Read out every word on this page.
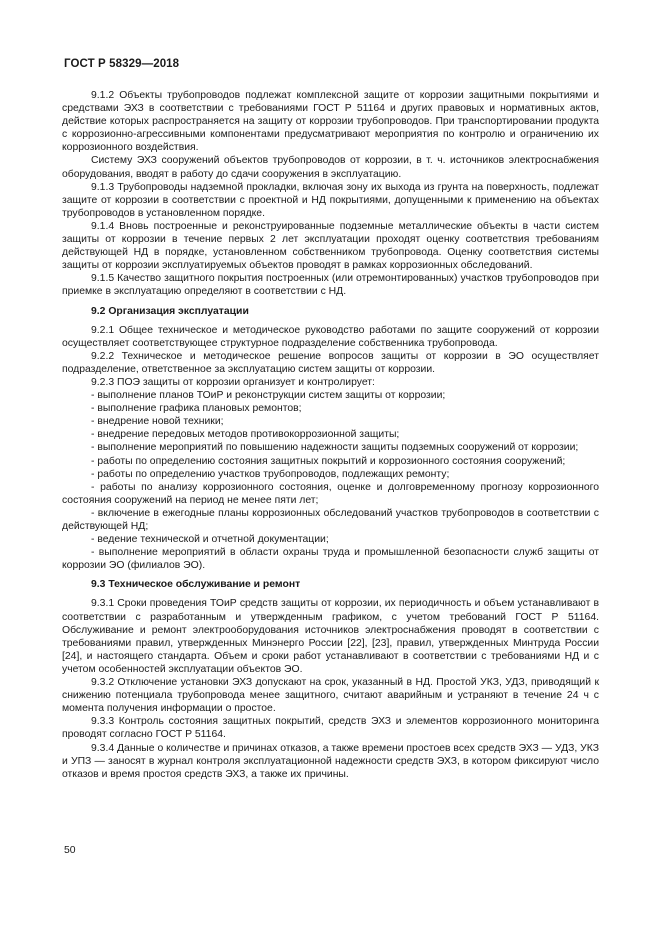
ГОСТ Р 58329—2018

9.1.2 Объекты трубопроводов подлежат комплексной защите от коррозии защитными покрытиями и средствами ЭХЗ в соответствии с требованиями ГОСТ Р 51164 и других правовых и нормативных актов, действие которых распространяется на защиту от коррозии трубопроводов. При транспортировании продукта с коррозионно-агрессивными компонентами предусматривают мероприятия по контролю и ограничению их коррозионного воздействия.

Систему ЭХЗ сооружений объектов трубопроводов от коррозии, в т. ч. источников электроснабжения оборудования, вводят в работу до сдачи сооружения в эксплуатацию.

9.1.3 Трубопроводы надземной прокладки, включая зону их выхода из грунта на поверхность, подлежат защите от коррозии в соответствии с проектной и НД покрытиями, допущенными к применению на объектах трубопроводов в установленном порядке.

9.1.4 Вновь построенные и реконструированные подземные металлические объекты в части систем защиты от коррозии в течение первых 2 лет эксплуатации проходят оценку соответствия требованиям действующей НД в порядке, установленном собственником трубопровода. Оценку соответствия системы защиты от коррозии эксплуатируемых объектов проводят в рамках коррозионных обследований.

9.1.5 Качество защитного покрытия построенных (или отремонтированных) участков трубопроводов при приемке в эксплуатацию определяют в соответствии с НД.

9.2 Организация эксплуатации

9.2.1 Общее техническое и методическое руководство работами по защите сооружений от коррозии осуществляет соответствующее структурное подразделение собственника трубопровода.

9.2.2 Техническое и методическое решение вопросов защиты от коррозии в ЭО осуществляет подразделение, ответственное за эксплуатацию систем защиты от коррозии.

9.2.3 ПОЭ защиты от коррозии организует и контролирует:

- выполнение планов ТОиР и реконструкции систем защиты от коррозии;

- выполнение графика плановых ремонтов;

- внедрение новой техники;

- внедрение передовых методов противокоррозионной защиты;

- выполнение мероприятий по повышению надежности защиты подземных сооружений от коррозии;

- работы по определению состояния защитных покрытий и коррозионного состояния сооружений;

- работы по определению участков трубопроводов, подлежащих ремонту;

- работы по анализу коррозионного состояния, оценке и долговременному прогнозу коррозионного состояния сооружений на период не менее пяти лет;

- включение в ежегодные планы коррозионных обследований участков трубопроводов в соответствии с действующей НД;

- ведение технической и отчетной документации;

- выполнение мероприятий в области охраны труда и промышленной безопасности служб защиты от коррозии ЭО (филиалов ЭО).

9.3 Техническое обслуживание и ремонт

9.3.1 Сроки проведения ТОиР средств защиты от коррозии, их периодичность и объем устанавливают в соответствии с разработанным и утвержденным графиком, с учетом требований ГОСТ Р 51164. Обслуживание и ремонт электрооборудования источников электроснабжения проводят в соответствии с требованиями правил, утвержденных Минэнерго России [22], [23], правил, утвержденных Минтруда России [24], и настоящего стандарта. Объем и сроки работ устанавливают в соответствии с требованиями НД и с учетом особенностей эксплуатации объектов ЭО.

9.3.2 Отключение установки ЭХЗ допускают на срок, указанный в НД. Простой УКЗ, УДЗ, приводящий к снижению потенциала трубопровода менее защитного, считают аварийным и устраняют в течение 24 ч с момента получения информации о простое.

9.3.3 Контроль состояния защитных покрытий, средств ЭХЗ и элементов коррозионного мониторинга проводят согласно ГОСТ Р 51164.

9.3.4 Данные о количестве и причинах отказов, а также времени простоев всех средств ЭХЗ — УДЗ, УКЗ и УПЗ — заносят в журнал контроля эксплуатационной надежности средств ЭХЗ, в котором фиксируют число отказов и время простоя средств ЭХЗ, а также их причины.

50
